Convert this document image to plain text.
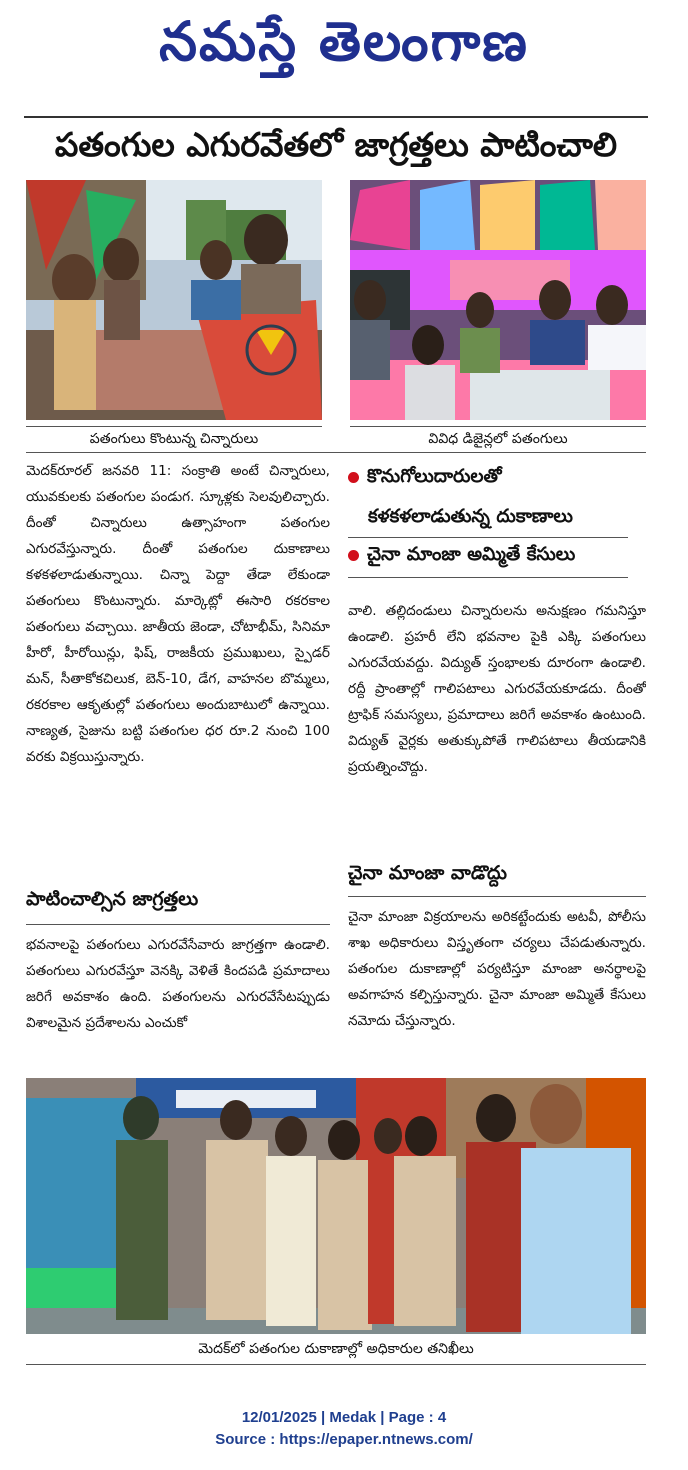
నమస్తే తెలంగాణ
పతంగుల ఎగురవేతలో జాగ్రత్తలు పాటించాలి
పతంగులు కొంటున్న చిన్నారులు	వివిధ డిజైన్లలో పతంగులు

మెదక్‌రూరల్ జనవరి 11: సంక్రాతి అంటే చిన్నారులు, యువకులకు పతంగుల పండుగ. స్కూళ్లకు సెలవులిచ్చారు. దీంతో చిన్నారులు ఉత్సాహంగా పతంగుల ఎగురవేస్తున్నారు. దీంతో పతంగుల దుకాణాలు కళకళలాడుతున్నాయి. చిన్నా పెద్దా తేడా లేకుండా పతంగులు కొంటున్నారు. మార్కెట్లో ఈసారి రకరకాల పతంగులు వచ్చాయి. జాతీయ జెండా, చోటాభీమ్, సినిమా హీరో, హీరోయిన్లు, ఫిష్, రాజకీయ ప్రముఖులు, స్పైడర్ మన్, సీతాకోకచిలుక, బెన్-10, డేగ, వాహనల బొమ్మలు, రకరకాల ఆకృతుల్లో పతంగులు అందుబాటులో ఉన్నాయి. నాణ్యత, సైజును బట్టి పతంగుల ధర రూ.2 నుంచి 100 వరకు విక్రయిస్తున్నారు.

పాటించాల్సిన జాగ్రత్తలు

భవనాలపై పతంగులు ఎగురవేసేవారు జాగ్రత్తగా ఉండాలి. పతంగులు ఎగురవేస్తూ వెనక్కి వెళితే కిందపడి ప్రమాదాలు జరిగే అవకాశం ఉంది. పతంగులను ఎగురవేసేటప్పుడు విశాలమైన ప్రదేశాలను ఎంచుకో

కొనుగోలుదారులతో
కళకళలాడుతున్న దుకాణాలు
చైనా మాంజా అమ్మితే కేసులు

వాలి. తల్లిదండులు చిన్నారులను అనుక్షణం గమనిస్తూ ఉండాలి. ప్రహరీ లేని భవనాల పైకి ఎక్కి పతంగులు ఎగురవేయవద్దు. విద్యుత్ స్తంభాలకు దూరంగా ఉండాలి. రద్దీ ప్రాంతాల్లో గాలిపటాలు ఎగురవేయకూడదు. దీంతో ట్రాఫిక్ సమస్యలు, ప్రమాదాలు జరిగే అవకాశం ఉంటుంది. విద్యుత్ వైర్లకు అతుక్కుపోతే గాలిపటాలు తీయడానికి ప్రయత్నించొద్దు.

చైనా మాంజా వాడొద్దు

చైనా మాంజా విక్రయాలను అరికట్టేందుకు అటవీ, పోలీసు శాఖ అధికారులు విస్తృతంగా చర్యలు చేపడుతున్నారు. పతంగుల దుకాణాల్లో పర్యటిస్తూ మాంజా అనర్థాలపై అవగాహన కల్పిస్తున్నారు. చైనా మాంజా అమ్మితే కేసులు నమోదు చేస్తున్నారు.

మెదక్‌లో పతంగుల దుకాణాల్లో అధికారుల తనిఖీలు
12/01/2025 | Medak | Page : 4
Source : https://epaper.ntnews.com/
